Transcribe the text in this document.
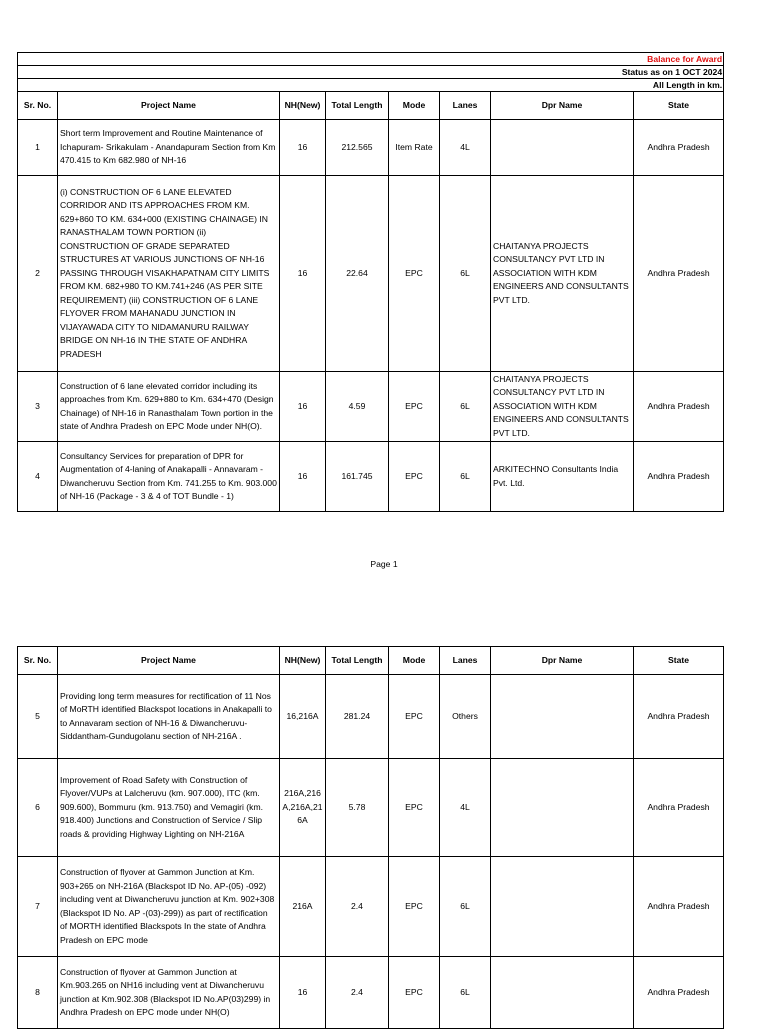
Balance for Award							
Status as on 1 OCT 2024							
All Length in km.							
Sr. No.	Project Name	NH(New)	Total Length	Mode	Lanes	Dpr Name	State
1	Short term Improvement and Routine Maintenance of Ichapuram- Srikakulam - Anandapuram Section from Km 470.415 to Km 682.980 of NH-16	16	212.565	Item Rate	4L		Andhra Pradesh
2	(i) CONSTRUCTION OF 6 LANE ELEVATED CORRIDOR AND ITS APPROACHES FROM KM. 629+860 TO KM. 634+000 (EXISTING CHAINAGE) IN RANASTHALAM TOWN PORTION (ii) CONSTRUCTION OF GRADE SEPARATED STRUCTURES AT VARIOUS JUNCTIONS OF NH-16 PASSING THROUGH VISAKHAPATNAM CITY LIMITS FROM KM. 682+980 TO KM.741+246 (AS PER SITE REQUIREMENT) (iii) CONSTRUCTION OF 6 LANE FLYOVER FROM MAHANADU JUNCTION IN VIJAYAWADA CITY TO NIDAMANURU RAILWAY BRIDGE ON NH-16 IN THE STATE OF ANDHRA PRADESH	16	22.64	EPC	6L	CHAITANYA PROJECTS CONSULTANCY PVT LTD IN ASSOCIATION WITH KDM ENGINEERS AND CONSULTANTS PVT LTD.	Andhra Pradesh
3	Construction of 6 lane elevated corridor including its approaches from Km. 629+880 to Km. 634+470 (Design Chainage) of NH-16 in Ranasthalam Town portion in the state of Andhra Pradesh on EPC Mode under NH(O).	16	4.59	EPC	6L	CHAITANYA PROJECTS CONSULTANCY PVT LTD IN ASSOCIATION WITH KDM ENGINEERS AND CONSULTANTS PVT LTD.	Andhra Pradesh
4	Consultancy Services for preparation of DPR for Augmentation of 4-laning of Anakapalli - Annavaram - Diwancheruvu Section from Km. 741.255 to Km. 903.000 of NH-16 (Package - 3 & 4 of TOT Bundle - 1)	16	161.745	EPC	6L	ARKITECHNO Consultants India Pvt. Ltd.	Andhra Pradesh
Page 1
Sr. No.	Project Name	NH(New)	Total Length	Mode	Lanes	Dpr Name	State
5	Providing long term measures for rectification of 11 Nos of MoRTH identified Blackspot locations in Anakapalli to to Annavaram section of NH-16 & Diwancheruvu-Siddantham-Gundugolanu section of NH-216A .	16,216A	281.24	EPC	Others		Andhra Pradesh
6	Improvement of Road Safety with Construction of Flyover/VUPs at Lalcheruvu (km. 907.000), ITC (km. 909.600), Bommuru (km. 913.750) and Vemagiri (km. 918.400) Junctions and Construction of Service / Slip roads & providing Highway Lighting on NH-216A	216A,216A,216A,216A	5.78	EPC	4L		Andhra Pradesh
7	Construction of flyover at Gammon Junction at Km. 903+265 on NH-216A (Blackspot ID No. AP-(05) -092) including vent at Diwancheruvu junction at Km. 902+308 (Blackspot ID No. AP -(03)-299)) as part of rectification of MORTH identified Blackspots In the state of Andhra Pradesh on EPC mode	216A	2.4	EPC	6L		Andhra Pradesh
8	Construction of flyover at Gammon Junction at Km.903.265 on NH16 including vent at Diwancheruvu junction at Km.902.308 (Blackspot ID No.AP(03)299) in Andhra Pradesh on EPC mode under NH(O)	16	2.4	EPC	6L		Andhra Pradesh
